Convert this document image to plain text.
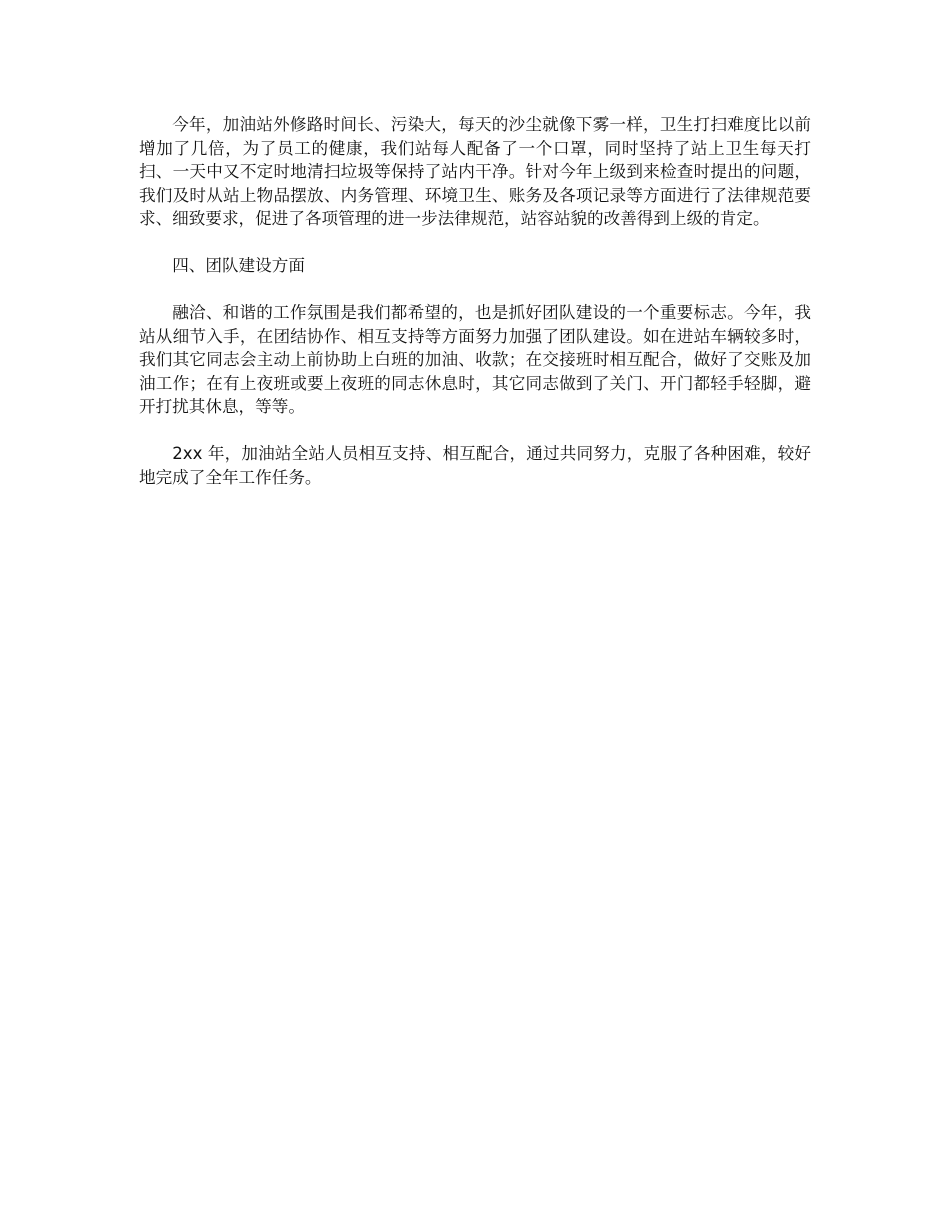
今年，加油站外修路时间长、污染大，每天的沙尘就像下雾一样，卫生打扫难度比以前增加了几倍，为了员工的健康，我们站每人配备了一个口罩，同时坚持了站上卫生每天打扫、一天中又不定时地清扫垃圾等保持了站内干净。针对今年上级到来检查时提出的问题，我们及时从站上物品摆放、内务管理、环境卫生、账务及各项记录等方面进行了法律规范要求、细致要求，促进了各项管理的进一步法律规范，站容站貌的改善得到上级的肯定。

四、团队建设方面

融洽、和谐的工作氛围是我们都希望的，也是抓好团队建设的一个重要标志。今年，我站从细节入手，在团结协作、相互支持等方面努力加强了团队建设。如在进站车辆较多时，我们其它同志会主动上前协助上白班的加油、收款；在交接班时相互配合，做好了交账及加油工作；在有上夜班或要上夜班的同志休息时，其它同志做到了关门、开门都轻手轻脚，避开打扰其休息，等等。

2xx 年，加油站全站人员相互支持、相互配合，通过共同努力，克服了各种困难，较好地完成了全年工作任务。
